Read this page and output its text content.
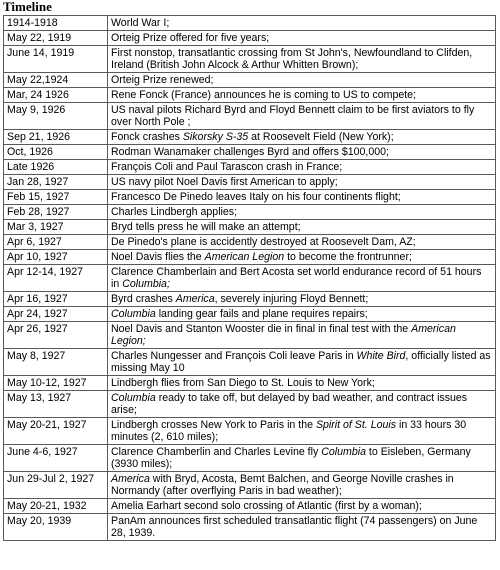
Timeline
1914-1918	World War I;
May 22, 1919	Orteig Prize offered for five years;
June 14, 1919	First nonstop, transatlantic crossing from St John's, Newfoundland to Clifden, Ireland (British John Alcock & Arthur Whitten Brown);
May 22,1924	Orteig Prize renewed;
Mar, 24 1926	Rene Fonck (France) announces he is coming to US to compete;
May 9, 1926	US naval pilots Richard Byrd and Floyd Bennett claim to be first aviators to fly over North Pole ;
Sep 21, 1926	Fonck crashes Sikorsky S-35 at Roosevelt Field (New York);
Oct, 1926	Rodman Wanamaker challenges Byrd and offers $100,000;
Late 1926	François Coli and Paul Tarascon crash in France;
Jan 28, 1927	US navy pilot Noel Davis first American to apply;
Feb 15, 1927	Francesco De Pinedo leaves Italy on his four continents flight;
Feb 28, 1927	Charles Lindbergh applies;
Mar 3, 1927	Bryd tells press he will make an attempt;
Apr 6, 1927	De Pinedo's plane is accidently destroyed at Roosevelt Dam, AZ;
Apr 10, 1927	Noel Davis flies the American Legion to become the frontrunner;
Apr 12-14, 1927	Clarence Chamberlain and Bert Acosta set world endurance record of 51 hours in Columbia;
Apr 16, 1927	Byrd crashes America, severely injuring Floyd Bennett;
Apr 24, 1927	Columbia landing gear fails and plane requires repairs;
Apr 26, 1927	Noel Davis and Stanton Wooster die in final in final test with the American Legion;
May 8, 1927	Charles Nungesser and François Coli leave Paris in White Bird, officially listed as missing May 10
May 10-12, 1927	Lindbergh flies from San Diego to St. Louis to New York;
May 13, 1927	Columbia ready to take off, but delayed by bad weather, and contract issues arise;
May 20-21, 1927	Lindbergh crosses New York to Paris in the Spirit of St. Louis in 33 hours 30 minutes (2, 610 miles);
June 4-6, 1927	Clarence Chamberlin and Charles Levine fly Columbia to Eisleben, Germany (3930 miles);
Jun 29-Jul 2, 1927	America with Bryd, Acosta, Bemt Balchen, and George Noville crashes in Normandy (after overflying Paris in bad weather);
May 20-21, 1932	Amelia Earhart second solo crossing of Atlantic (first by a woman);
May 20, 1939	PanAm announces first scheduled transatlantic flight (74 passengers) on June 28, 1939.
